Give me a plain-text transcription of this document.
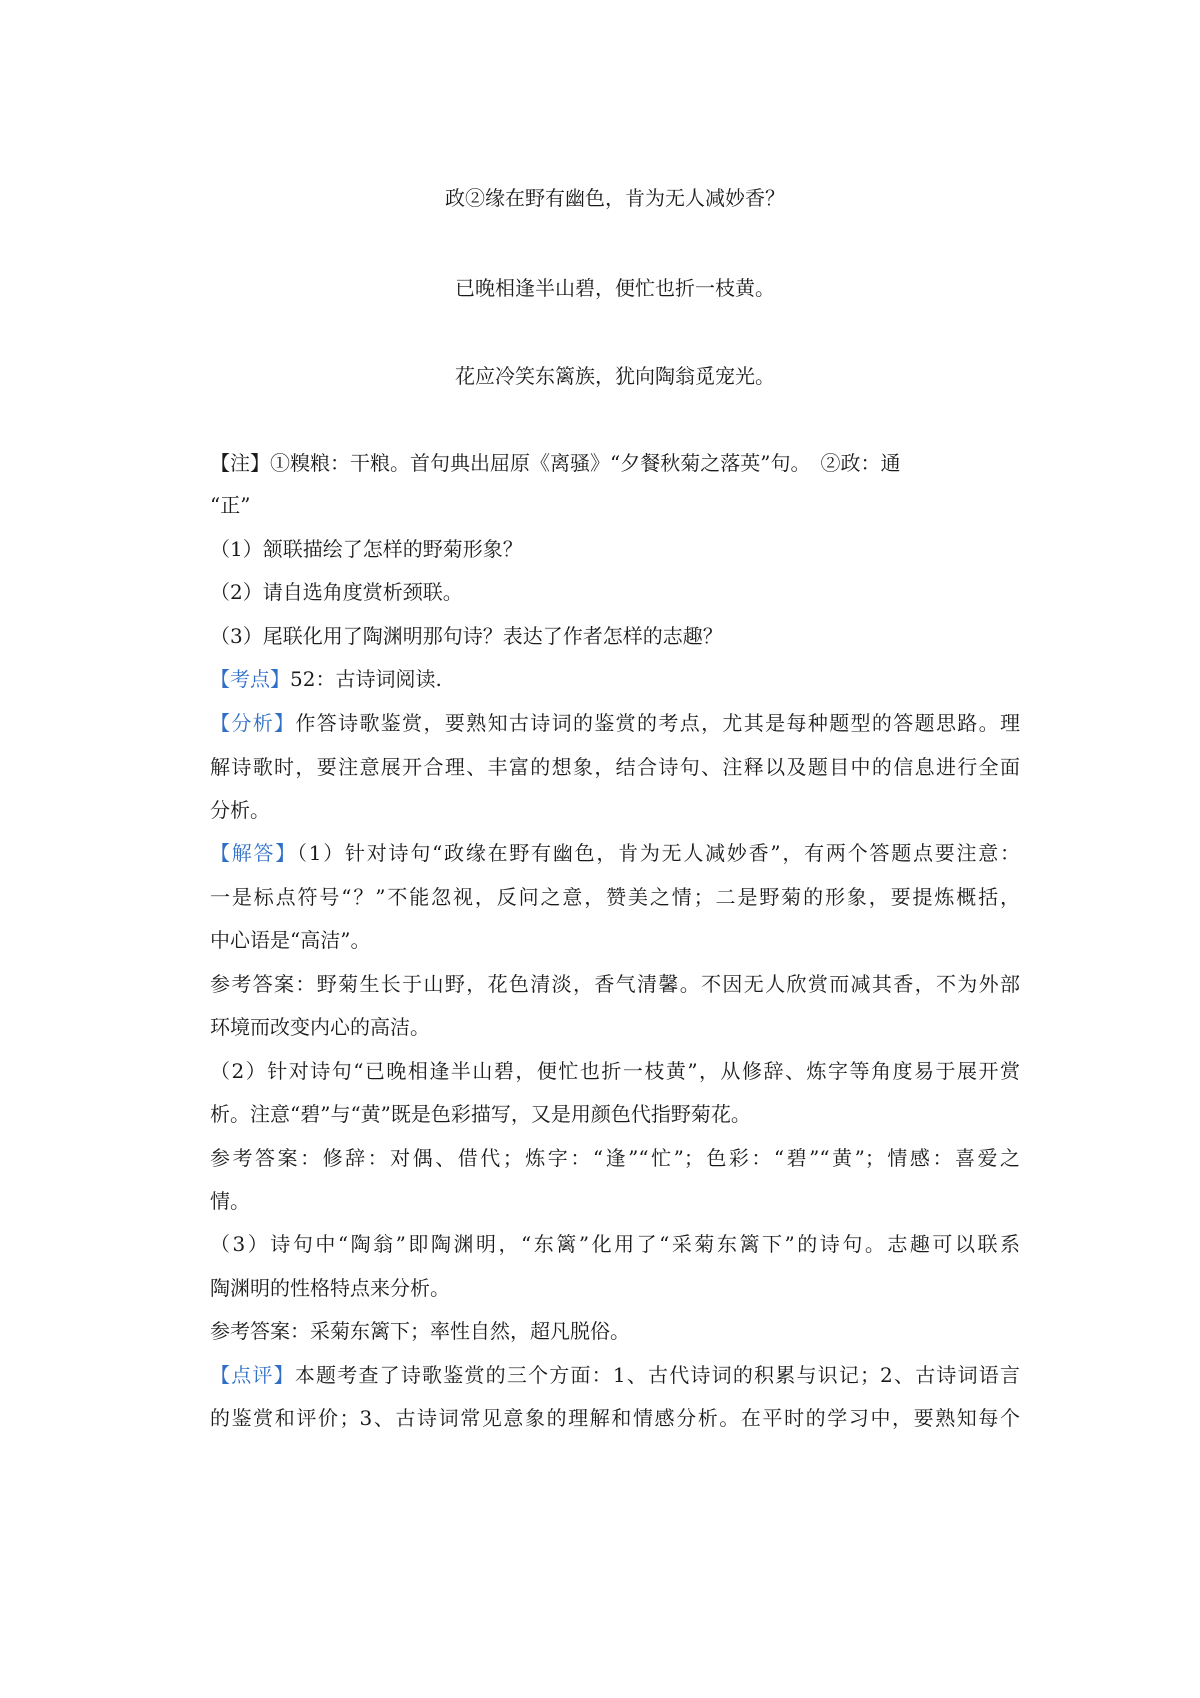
政②缘在野有幽色，肯为无人减妙香？
已晚相逢半山碧，便忙也折一枝黄。
花应冷笑东篱族，犹向陶翁觅宠光。
【注】①糗粮：干粮。首句典出屈原《离骚》“夕餐秋菊之落英”句。　②政：通
“正”
（1）颔联描绘了怎样的野菊形象？
（2）请自选角度赏析颈联。
（3）尾联化用了陶渊明那句诗？表达了作者怎样的志趣？
【考点】52：古诗词阅读.
【分析】作答诗歌鉴赏，要熟知古诗词的鉴赏的考点，尤其是每种题型的答题思路。理
解诗歌时，要注意展开合理、丰富的想象，结合诗句、注释以及题目中的信息进行全面
分析。
【解答】（1）针对诗句“政缘在野有幽色，肯为无人减妙香”，有两个答题点要注意：
一是标点符号“？”不能忽视，反问之意，赞美之情；二是野菊的形象，要提炼概括，
中心语是“高洁”。
参考答案：野菊生长于山野，花色清淡，香气清馨。不因无人欣赏而减其香，不为外部
环境而改变内心的高洁。
（2）针对诗句“已晚相逢半山碧，便忙也折一枝黄”，从修辞、炼字等角度易于展开赏
析。注意“碧”与“黄”既是色彩描写，又是用颜色代指野菊花。
参考答案：修辞：对偶、借代；炼字：“逢”“忙”；色彩：“碧”“黄”；情感：喜爱之
情。
（3）诗句中“陶翁”即陶渊明，“东篱”化用了“采菊东篱下”的诗句。志趣可以联系
陶渊明的性格特点来分析。
参考答案：采菊东篱下；率性自然，超凡脱俗。
【点评】本题考查了诗歌鉴赏的三个方面：1、古代诗词的积累与识记；2、古诗词语言
的鉴赏和评价；3、古诗词常见意象的理解和情感分析。在平时的学习中，要熟知每个
